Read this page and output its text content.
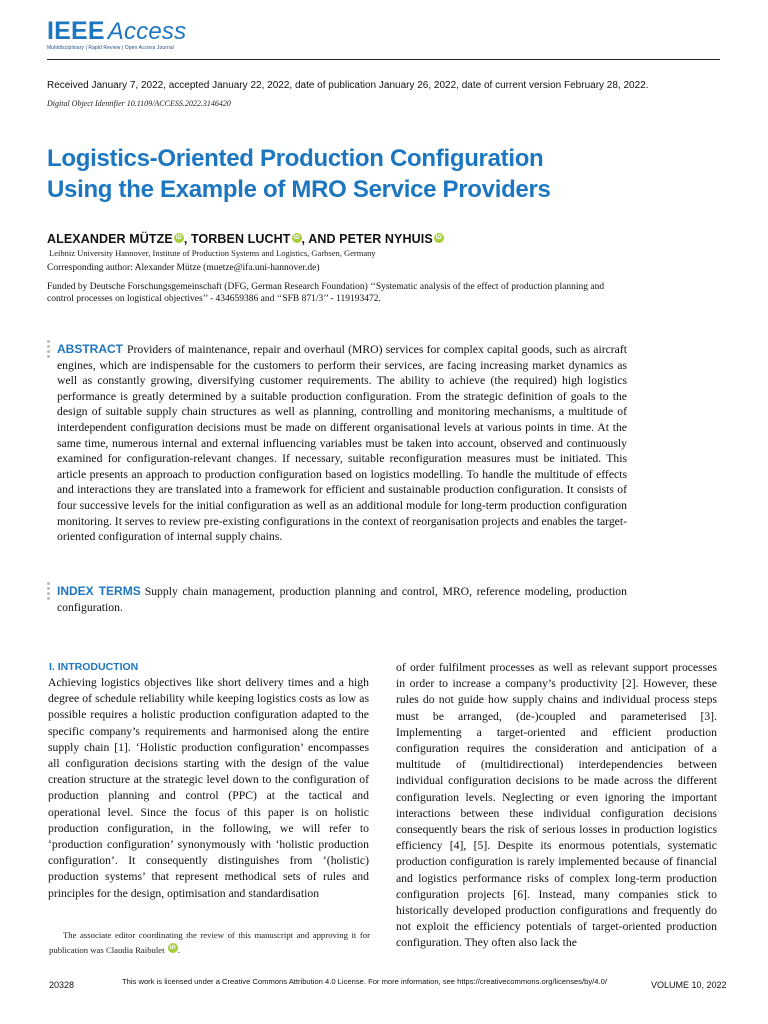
IEEE Access
Multidisciplinary | Rapid Review | Open Access Journal
Received January 7, 2022, accepted January 22, 2022, date of publication January 26, 2022, date of current version February 28, 2022.
Digital Object Identifier 10.1109/ACCESS.2022.3146420
Logistics-Oriented Production Configuration
Using the Example of MRO Service Providers
ALEXANDER MÜTZE iD , TORBEN LUCHT iD , AND PETER NYHUIS iD
Leibniz University Hannover, Institute of Production Systems and Logistics, Garbsen, Germany
Corresponding author: Alexander Mütze (muetze@ifa.uni-hannover.de)
Funded by Deutsche Forschungsgemeinschaft (DFG, German Research Foundation) ‘‘Systematic analysis of the effect of production planning and control processes on logistical objectives’’ - 434659386 and ‘‘SFB 871/3’’ - 119193472.
ABSTRACT Providers of maintenance, repair and overhaul (MRO) services for complex capital goods, such as aircraft engines, which are indispensable for the customers to perform their services, are facing increasing market dynamics as well as constantly growing, diversifying customer requirements. The ability to achieve (the required) high logistics performance is greatly determined by a suitable production configuration. From the strategic definition of goals to the design of suitable supply chain structures as well as planning, controlling and monitoring mechanisms, a multitude of interdependent configuration decisions must be made on different organisational levels at various points in time. At the same time, numerous internal and external influencing variables must be taken into account, observed and continuously examined for configuration-relevant changes. If necessary, suitable reconfiguration measures must be initiated. This article presents an approach to production configuration based on logistics modelling. To handle the multitude of effects and interactions they are translated into a framework for efficient and sustainable production configuration. It consists of four successive levels for the initial configuration as well as an additional module for long-term production configuration monitoring. It serves to review pre-existing configurations in the context of reorganisation projects and enables the target-oriented configuration of internal supply chains.
INDEX TERMS Supply chain management, production planning and control, MRO, reference modeling, production configuration.
I. INTRODUCTION
Achieving logistics objectives like short delivery times and a high degree of schedule reliability while keeping logistics costs as low as possible requires a holistic production configuration adapted to the specific company’s requirements and harmonised along the entire supply chain [1]. ‘Holistic production configuration’ encompasses all configuration decisions starting with the design of the value creation structure at the strategic level down to the configuration of production planning and control (PPC) at the tactical and operational level. Since the focus of this paper is on holistic production configuration, in the following, we will refer to ‘production configuration’ synonymously with ‘holistic production configuration’. It consequently distinguishes from ‘(holistic) production systems’ that represent methodical sets of rules and principles for the design, optimisation and standardisation
of order fulfilment processes as well as relevant support processes in order to increase a company’s productivity [2]. However, these rules do not guide how supply chains and individual process steps must be arranged, (de-)coupled and parameterised [3]. Implementing a target-oriented and efficient production configuration requires the consideration and anticipation of a multitude of (multidirectional) interdependencies between individual configuration decisions to be made across the different configuration levels. Neglecting or even ignoring the important interactions between these individual configuration decisions consequently bears the risk of serious losses in production logistics efficiency [4], [5]. Despite its enormous potentials, systematic production configuration is rarely implemented because of financial and logistics performance risks of complex long-term production configuration projects [6]. Instead, many companies stick to historically developed production configurations and frequently do not exploit the efficiency potentials of target-oriented production configuration. They often also lack the
The associate editor coordinating the review of this manuscript and approving it for publication was Claudia Raibulet iD .
20328	This work is licensed under a Creative Commons Attribution 4.0 License. For more information, see https://creativecommons.org/licenses/by/4.0/	VOLUME 10, 2022
